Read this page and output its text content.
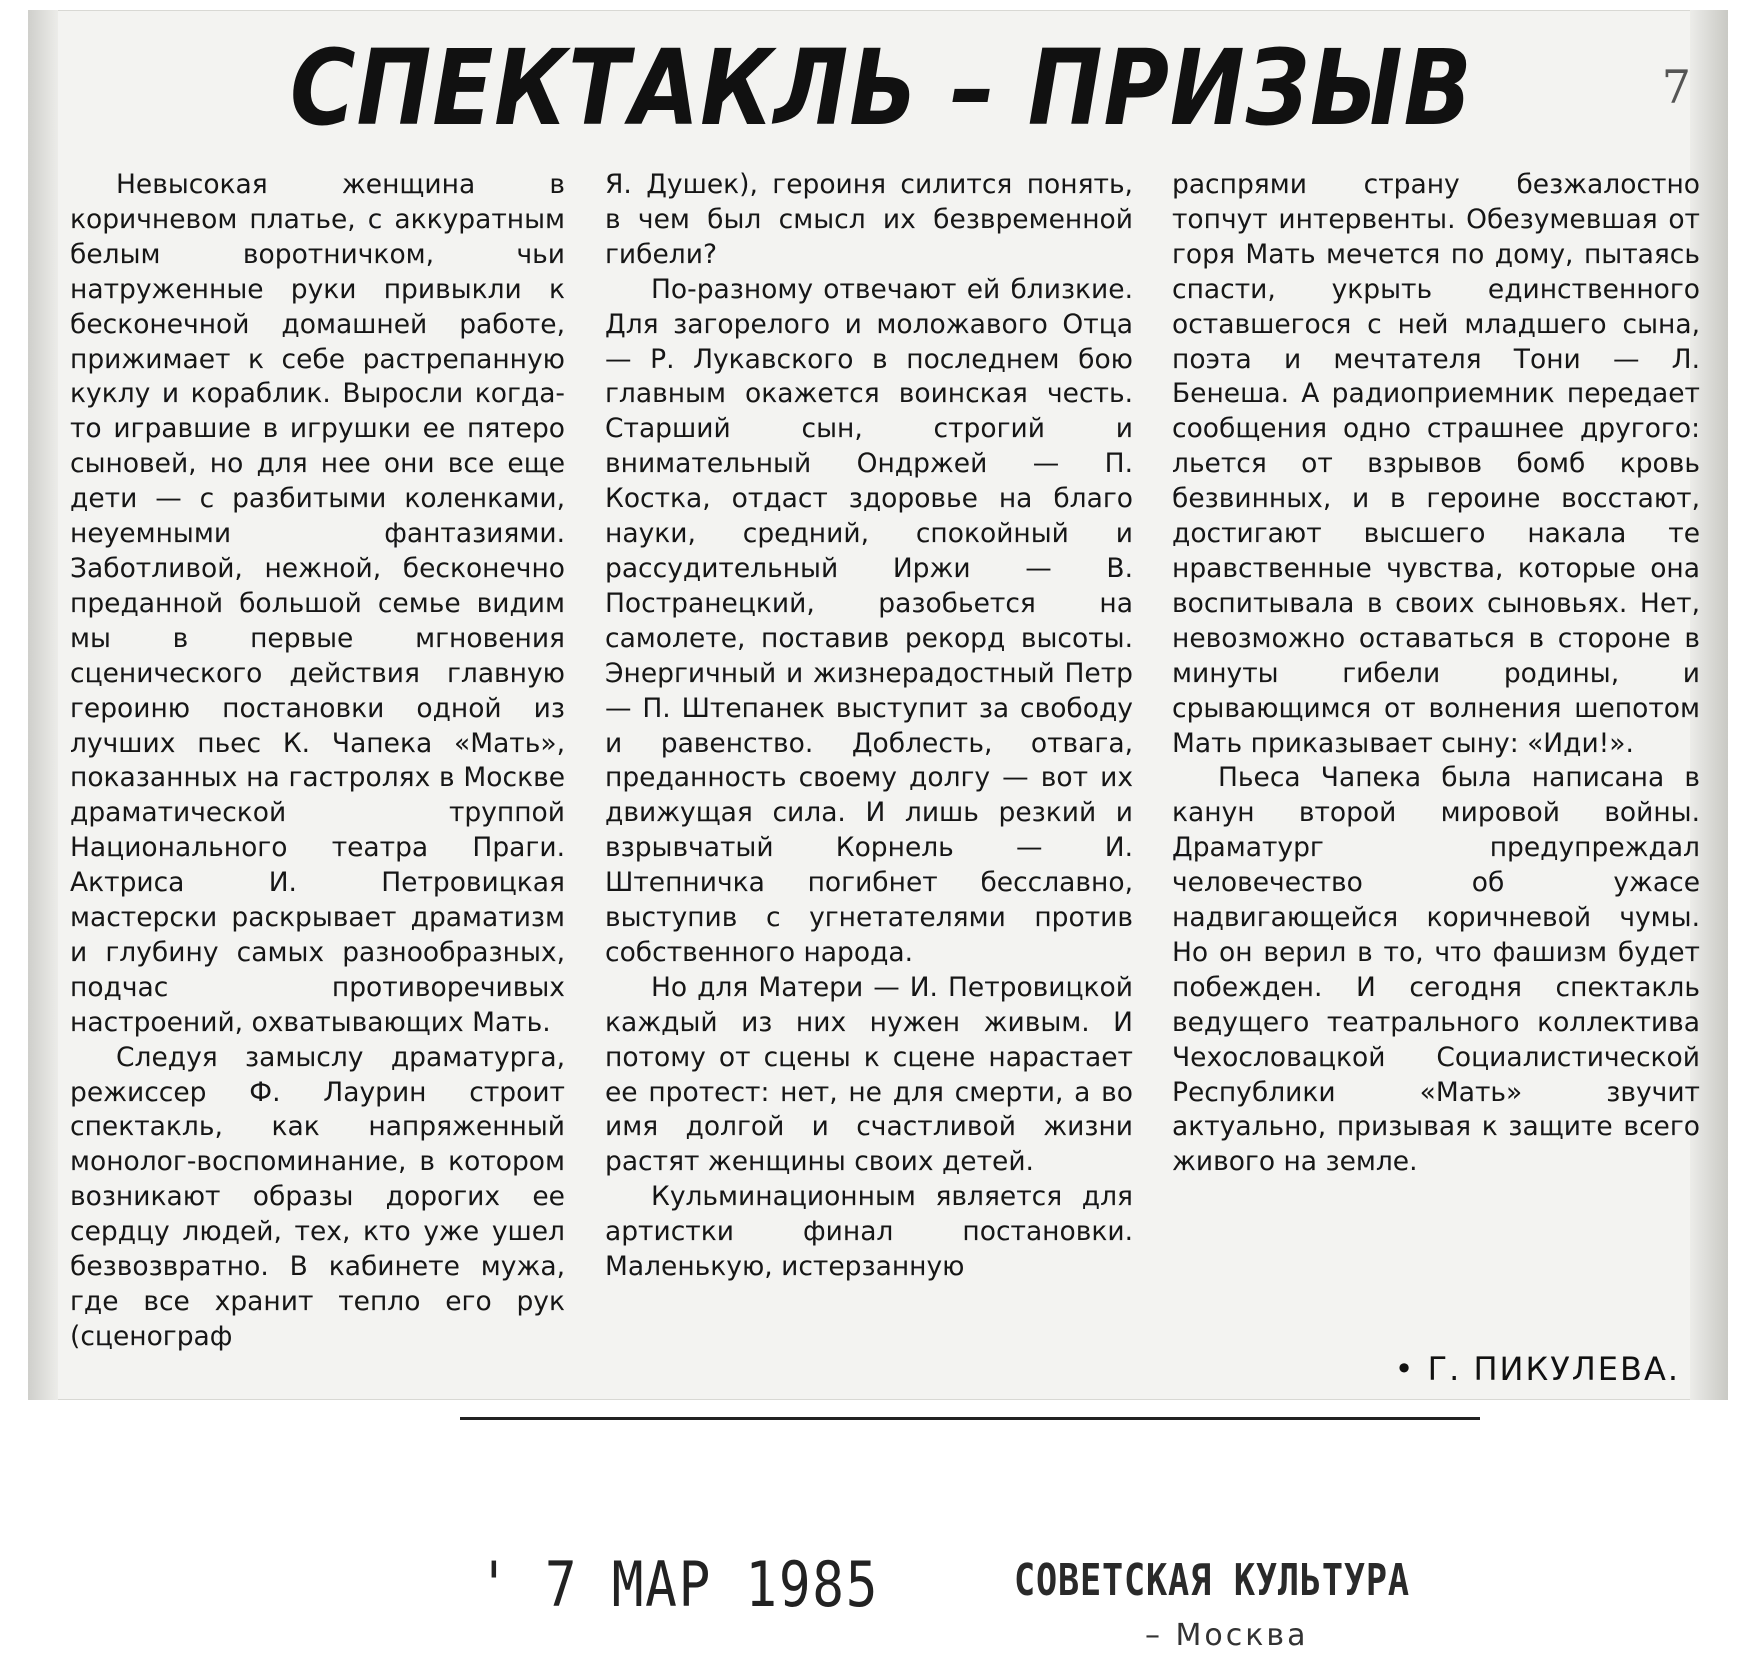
СПЕКТАКЛЬ – ПРИЗЫВ	7

Невысокая женщина в коричневом платье, с аккуратным белым воротничком, чьи натруженные руки привыкли к бесконечной домашней работе, прижимает к себе растрепанную куклу и кораблик. Выросли когда-то игравшие в игрушки ее пятеро сыновей, но для нее они все еще дети — с разбитыми коленками, неуемными фантазиями. Заботливой, нежной, бесконечно преданной большой семье видим мы в первые мгновения сценического действия главную героиню постановки одной из лучших пьес К. Чапека «Мать», показанных на гастролях в Москве драматической труппой Национального театра Праги. Актриса И. Петровицкая мастерски раскрывает драматизм и глубину самых разнообразных, подчас противоречивых настроений, охватывающих Мать.

Следуя замыслу драматурга, режиссер Ф. Лаурин строит спектакль, как напряженный монолог-воспоминание, в котором возникают образы дорогих ее сердцу людей, тех, кто уже ушел безвозвратно. В кабинете мужа, где все хранит тепло его рук (сценограф

Я. Душек), героиня силится понять, в чем был смысл их безвременной гибели?

По-разному отвечают ей близкие. Для загорелого и моложавого Отца — Р. Лукавского в последнем бою главным окажется воинская честь. Старший сын, строгий и внимательный Ондржей — П. Костка, отдаст здоровье на благо науки, средний, спокойный и рассудительный Иржи — В. Постранецкий, разобьется на самолете, поставив рекорд высоты. Энергичный и жизнерадостный Петр — П. Штепанек выступит за свободу и равенство. Доблесть, отвага, преданность своему долгу — вот их движущая сила. И лишь резкий и взрывчатый Корнель — И. Штепничка погибнет бесславно, выступив с угнетателями против собственного народа.

Но для Матери — И. Петровицкой каждый из них нужен живым. И потому от сцены к сцене нарастает ее протест: нет, не для смерти, а во имя долгой и счастливой жизни растят женщины своих детей.

Кульминационным является для артистки финал постановки. Маленькую, истерзанную

распрями страну безжалостно топчут интервенты. Обезумевшая от горя Мать мечется по дому, пытаясь спасти, укрыть единственного оставшегося с ней младшего сына, поэта и мечтателя Тони — Л. Бенеша. А радиоприемник передает сообщения одно страшнее другого: льется от взрывов бомб кровь безвинных, и в героине восстают, достигают высшего накала те нравственные чувства, которые она воспитывала в своих сыновьях. Нет, невозможно оставаться в стороне в минуты гибели родины, и срывающимся от волнения шепотом Мать приказывает сыну: «Иди!».

Пьеса Чапека была написана в канун второй мировой войны. Драматург предупреждал человечество об ужасе надвигающейся коричневой чумы. Но он верил в то, что фашизм будет побежден. И сегодня спектакль ведущего театрального коллектива Чехословацкой Социалистической Республики «Мать» звучит актуально, призывая к защите всего живого на земле.

• Г. ПИКУЛЕВА.
' 7 МАР 1985	СОВЕТСКАЯ КУЛЬТУРА
– Москва
